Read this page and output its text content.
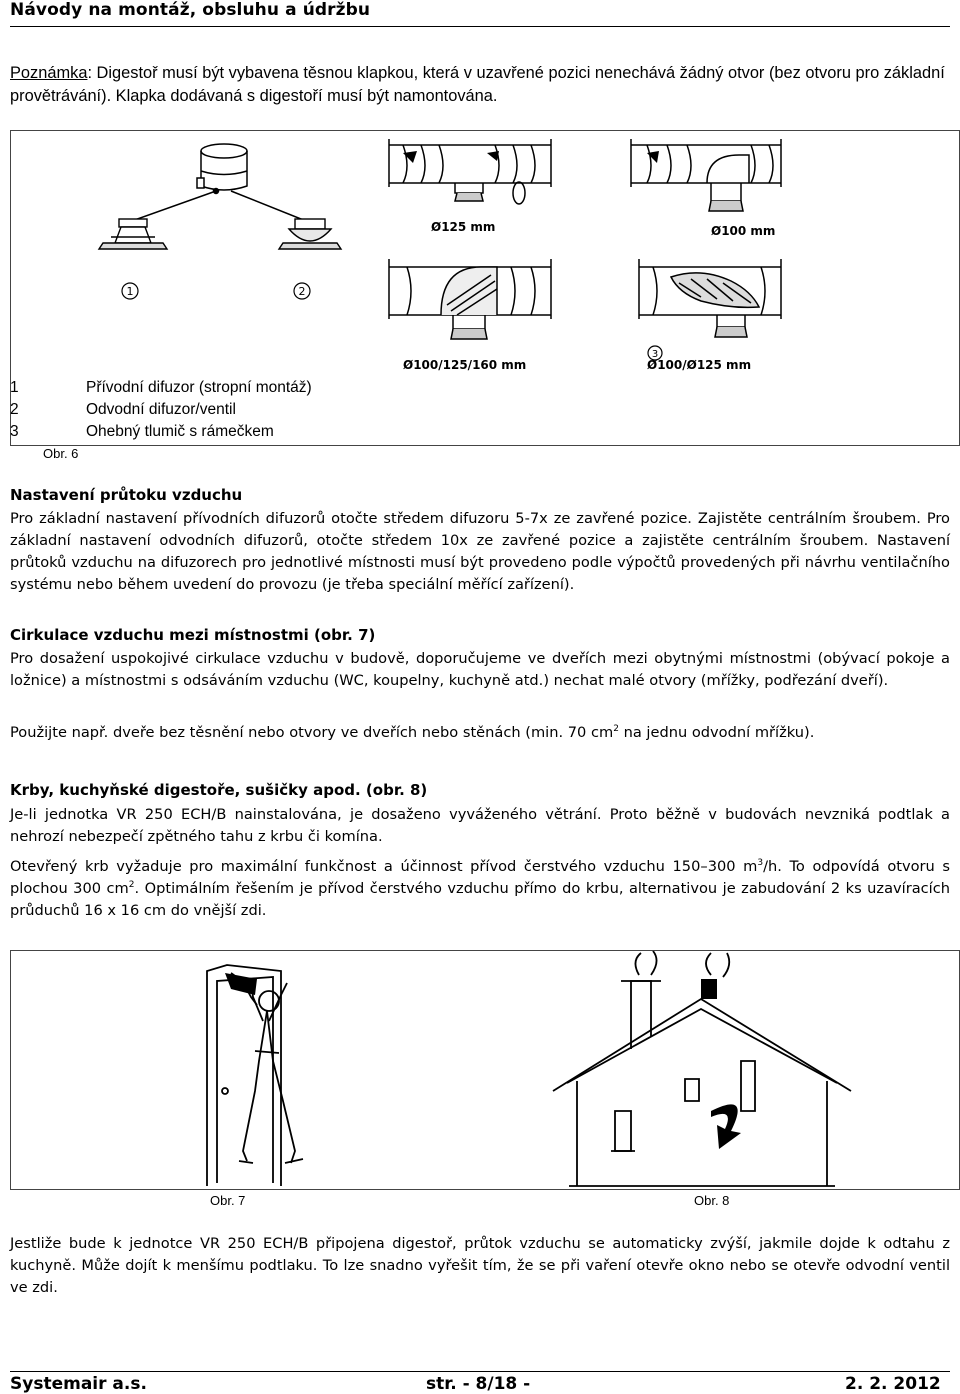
Návody na montáž, obsluhu a údržbu
Poznámka: Digestoř musí být vybavena těsnou klapkou, která v uzavřené pozici nenechává žádný otvor (bez otvoru pro základní provětrávání). Klapka dodávaná s digestoří musí být namontována.
1	2
Ø125 mm	Ø100 mm
Ø100/125/160 mm
3
Ø100/Ø125 mm
1	Přívodní difuzor (stropní montáž)
2	Odvodní difuzor/ventil
3	Ohebný tlumič s rámečkem
Obr. 6
Nastavení průtoku vzduchu
Pro základní nastavení přívodních difuzorů otočte středem difuzoru 5-7x ze zavřené pozice. Zajistěte centrálním šroubem. Pro základní nastavení odvodních difuzorů, otočte středem 10x ze zavřené pozice a zajistěte centrálním šroubem. Nastavení průtoků vzduchu na difuzorech pro jednotlivé místnosti musí být provedeno podle výpočtů provedených při návrhu ventilačního systému nebo během uvedení do provozu (je třeba speciální měřící zařízení).
Cirkulace vzduchu mezi místnostmi (obr. 7)
Pro dosažení uspokojivé cirkulace vzduchu v budově, doporučujeme ve dveřích mezi obytnými místnostmi (obývací pokoje a ložnice) a místnostmi s odsáváním vzduchu (WC, koupelny, kuchyně atd.) nechat malé otvory (mřížky, podřezání dveří).
Použijte např. dveře bez těsnění nebo otvory ve dveřích nebo stěnách (min. 70 $cm^2$ na jednu odvodní mřížku).
Krby, kuchyňské digestoře, sušičky apod. (obr. 8)
Je-li jednotka VR 250 ECH/B nainstalována, je dosaženo vyváženého větrání. Proto běžně v budovách nevzniká podtlak a nehrozí nebezpečí zpětného tahu z krbu či komína.
Otevřený krb vyžaduje pro maximální funkčnost a účinnost přívod čerstvého vzduchu 150–300 $m^3/h$. To odpovídá otvoru s plochou 300 $cm^2$. Optimálním řešením je přívod čerstvého vzduchu přímo do krbu, alternativou je zabudování 2 ks uzavíracích průduchů 16 x 16 cm do vnější zdi.
Obr. 7	Obr. 8
Jestliže bude k jednotce VR 250 ECH/B připojena digestoř, průtok vzduchu se automaticky zvýší, jakmile dojde k odtahu z kuchyně. Může dojít k menšímu podtlaku. To lze snadno vyřešit tím, že se při vaření otevře okno nebo se otevře odvodní ventil ve zdi.
Systemair a.s.	str. - 8/18 -	2. 2. 2012
